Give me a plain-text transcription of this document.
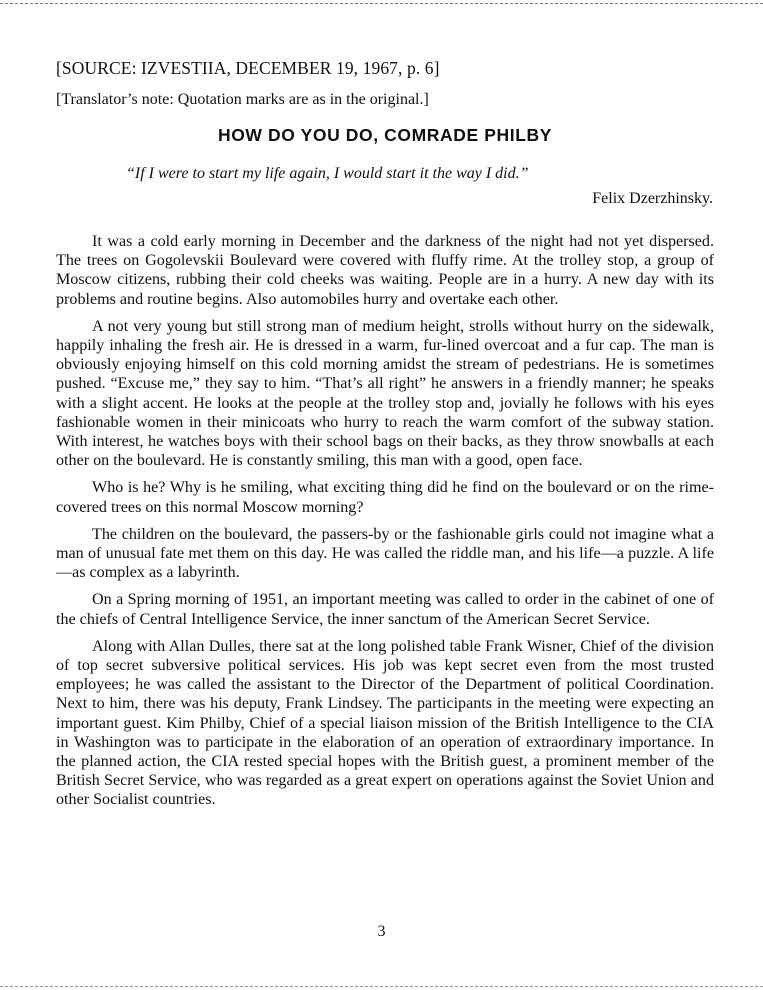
[SOURCE: IZVESTIIA, DECEMBER 19, 1967, p. 6]

[Translator’s note: Quotation marks are as in the original.]

HOW DO YOU DO, COMRADE PHILBY

“If I were to start my life again, I would start it the way I did.”

Felix Dzerzhinsky.

It was a cold early morning in December and the darkness of the night had not yet dispersed. The trees on Gogolevskii Boulevard were covered with fluffy rime. At the trolley stop, a group of Moscow citizens, rubbing their cold cheeks was waiting. People are in a hurry. A new day with its problems and routine begins. Also automobiles hurry and overtake each other.

A not very young but still strong man of medium height, strolls without hurry on the sidewalk, happily inhaling the fresh air. He is dressed in a warm, fur-lined overcoat and a fur cap. The man is obviously enjoying himself on this cold morning amidst the stream of pedestrians. He is sometimes pushed. “Excuse me,” they say to him. “That’s all right” he answers in a friendly manner; he speaks with a slight accent. He looks at the people at the trolley stop and, jovially he follows with his eyes fashionable women in their minicoats who hurry to reach the warm comfort of the subway station. With interest, he watches boys with their school bags on their backs, as they throw snowballs at each other on the boulevard. He is constantly smiling, this man with a good, open face.

Who is he? Why is he smiling, what exciting thing did he find on the boulevard or on the rime-covered trees on this normal Moscow morning?

The children on the boulevard, the passers-by or the fashionable girls could not imagine what a man of unusual fate met them on this day. He was called the riddle man, and his life—a puzzle. A life—as complex as a labyrinth.

On a Spring morning of 1951, an important meeting was called to order in the cabinet of one of the chiefs of Central Intelligence Service, the inner sanctum of the American Secret Service.

Along with Allan Dulles, there sat at the long polished table Frank Wisner, Chief of the division of top secret subversive political services. His job was kept secret even from the most trusted employees; he was called the assistant to the Director of the Department of political Coordination. Next to him, there was his deputy, Frank Lindsey. The participants in the meeting were expecting an important guest. Kim Philby, Chief of a special liaison mission of the British Intelligence to the CIA in Washington was to participate in the elaboration of an operation of extraordinary importance. In the planned action, the CIA rested special hopes with the British guest, a prominent member of the British Secret Service, who was regarded as a great expert on operations against the Soviet Union and other Socialist countries.

3
